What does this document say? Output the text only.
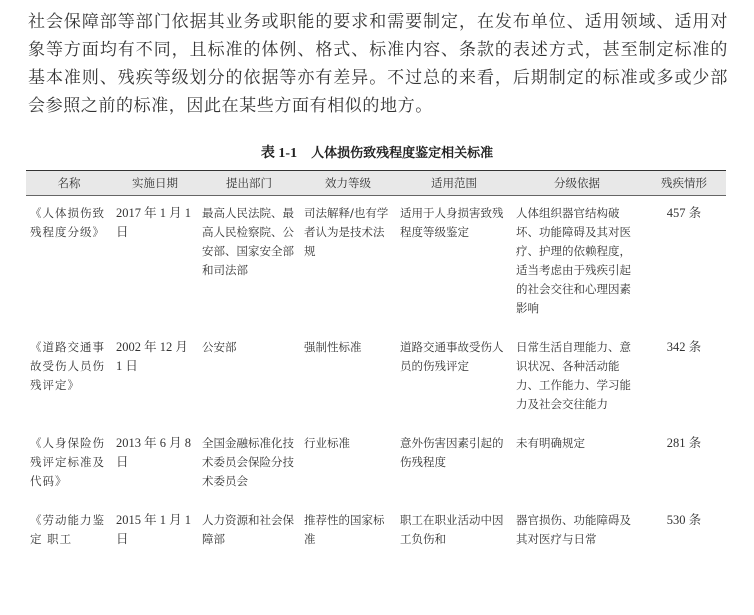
社会保障部等部门依据其业务或职能的要求和需要制定，在发布单位、适用领域、适用对象等方面均有不同，且标准的体例、格式、标准内容、条款的表述方式，甚至制定标准的基本准则、残疾等级划分的依据等亦有差异。不过总的来看，后期制定的标准或多或少部会参照之前的标准，因此在某些方面有相似的地方。

表 1-1 人体损伤致残程度鉴定相关标准
名称	实施日期	提出部门	效力等级	适用范围	分级依据	残疾情形
《人体损伤致残程度分级》	2017 年 1 月 1 日	最高人民法院、最高人民检察院、公安部、国家安全部和司法部	司法解释/也有学者认为是技术法规	适用于人身损害致残程度等级鉴定	人体组织器官结构破坏、功能障碍及其对医疗、护理的依赖程度，适当考虑由于残疾引起的社会交往和心理因素影响	457 条
《道路交通事故受伤人员伤残评定》	2002 年 12 月 1 日	公安部	强制性标准	道路交通事故受伤人员的伤残评定	日常生活自理能力、意识状况、各种活动能力、工作能力、学习能力及社会交往能力	342 条
《人身保险伤残评定标准及代码》	2013 年 6 月 8 日	全国金融标准化技术委员会保险分技术委员会	行业标准	意外伤害因素引起的伤残程度	未有明确规定	281 条
《劳动能力鉴定 职工	2015 年 1 月 1 日	人力资源和社会保障部	推荐性的国家标准	职工在职业活动中因工负伤和	器官损伤、功能障碍及其对医疗与日常	530 条
